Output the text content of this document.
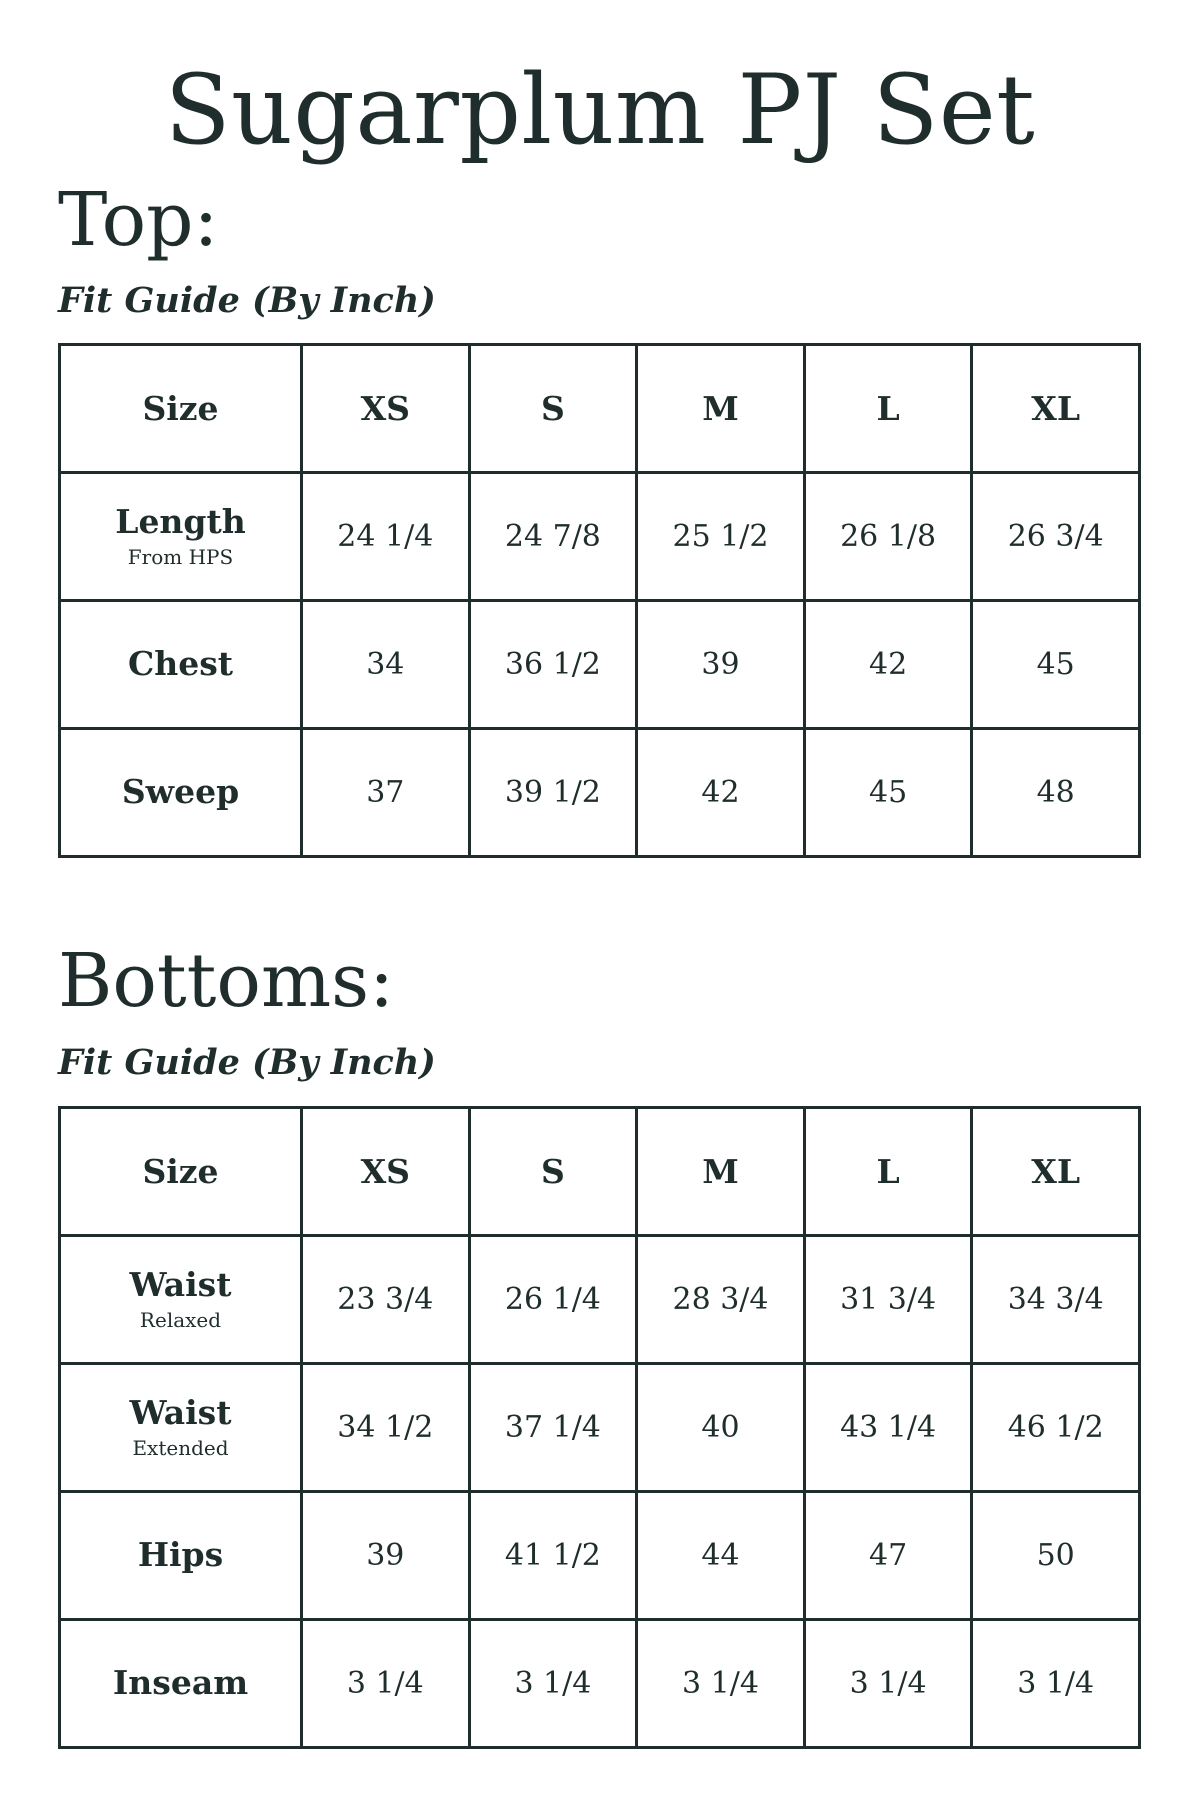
Sugarplum PJ Set
Top:
Fit Guide (By Inch)
Size	XS	S	M	L	XL

Length
From HPS	24 1/4	24 7/8	25 1/2	26 1/8	26 3/4

Chest	34	36 1/2	39	42	45

Sweep	37	39 1/2	42	45	48
Bottoms:
Fit Guide (By Inch)
Size	XS	S	M	L	XL

Waist
Relaxed	23 3/4	26 1/4	28 3/4	31 3/4	34 3/4

Waist
Extended	34 1/2	37 1/4	40	43 1/4	46 1/2

Hips	39	41 1/2	44	47	50

Inseam	3 1/4	3 1/4	3 1/4	3 1/4	3 1/4
